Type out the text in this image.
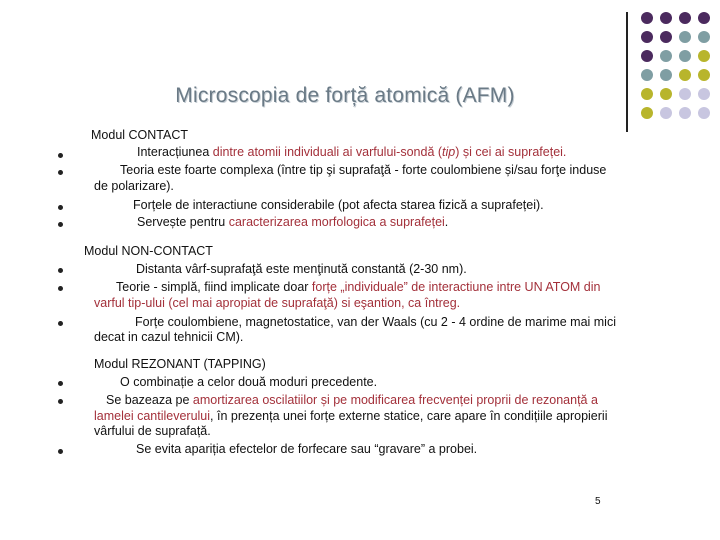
Microscopia de forță atomică (AFM)
Modul CONTACT
Interacțiunea dintre atomii individuali ai varfului-sondă (tip) și cei ai suprafeței.
Teoria este foarte complexa (între tip şi suprafaţă - forte coulombiene și/sau forţe induse
de polarizare).
Forțele de interactiune considerabile (pot afecta starea fizică a suprafeței).
Servește pentru caracterizarea morfologica a suprafeței.
Modul NON-CONTACT
Distanta vârf-suprafaţă este menţinută constantă (2-30 nm).
Teorie - simplă, fiind implicate doar forțe „individuale” de interactiune intre UN ATOM din
varful tip-ului (cel mai apropiat de suprafaţă) si eşantion, ca întreg.
Forțe coulombiene, magnetostatice, van der Waals (cu 2 - 4 ordine de marime mai mici
decat in cazul tehnicii CM).
Modul REZONANT (TAPPING)
O combinație a celor două moduri precedente.
Se bazeaza pe amortizarea oscilatiilor și pe modificarea frecvenței proprii de rezonanță a
lamelei cantileverului, în prezența unei forțe externe statice, care apare în condițiile apropierii
vârfului de suprafață.
Se evita apariția efectelor de forfecare sau “gravare” a probei.
5
